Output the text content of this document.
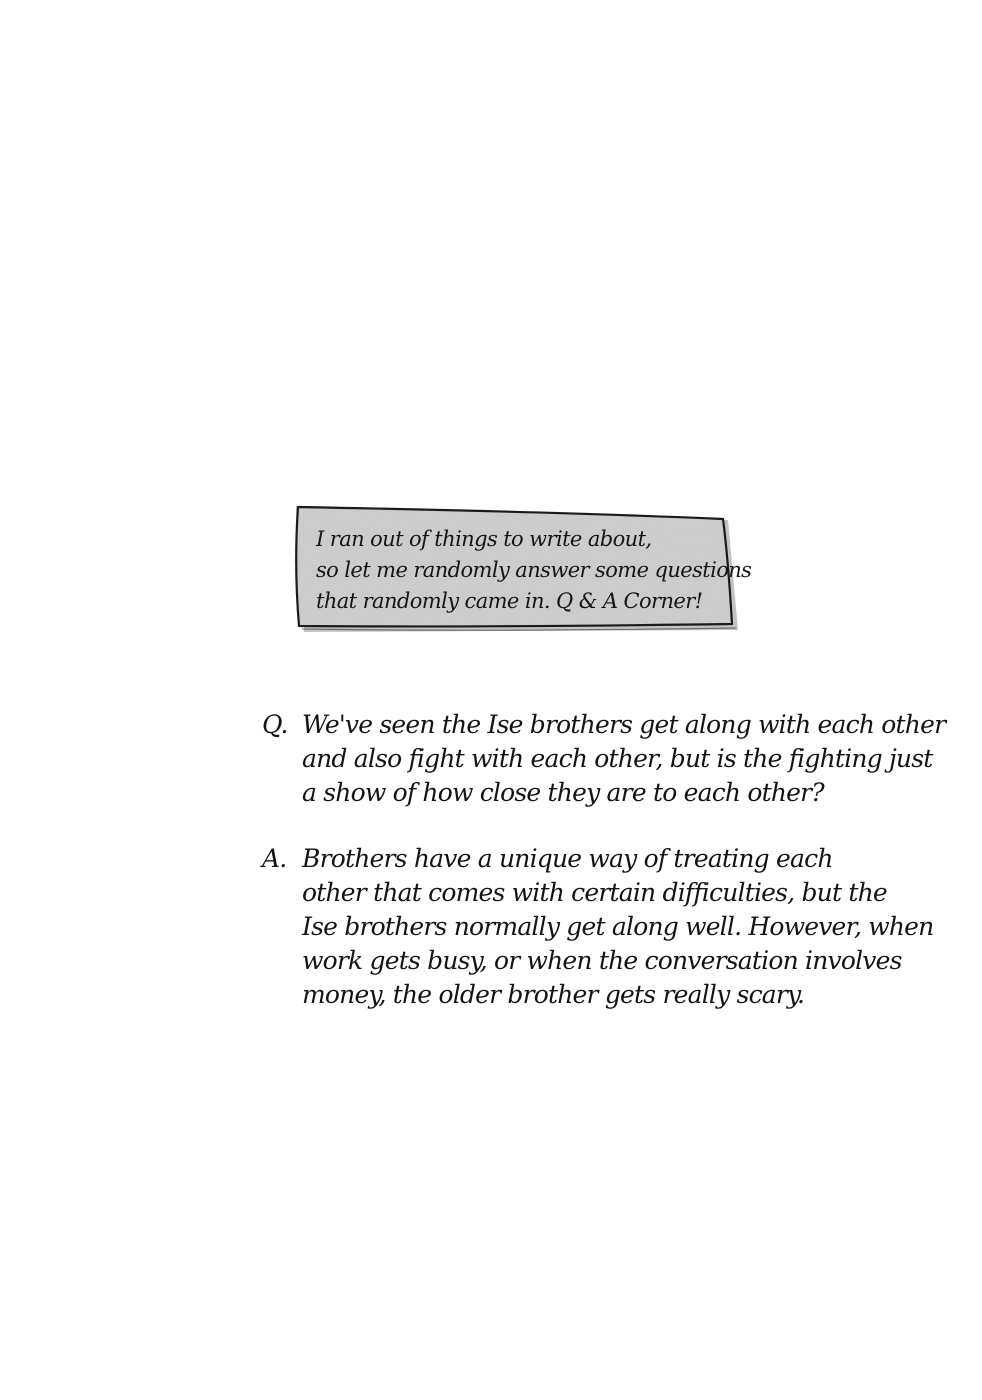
I ran out of things to write about,
so let me randomly answer some questions
that randomly came in. Q & A Corner!
Q. We've seen the Ise brothers get along with each other
and also fight with each other, but is the fighting just
a show of how close they are to each other?
A. Brothers have a unique way of treating each
other that comes with certain difficulties, but the
Ise brothers normally get along well. However, when
work gets busy, or when the conversation involves
money, the older brother gets really scary.
